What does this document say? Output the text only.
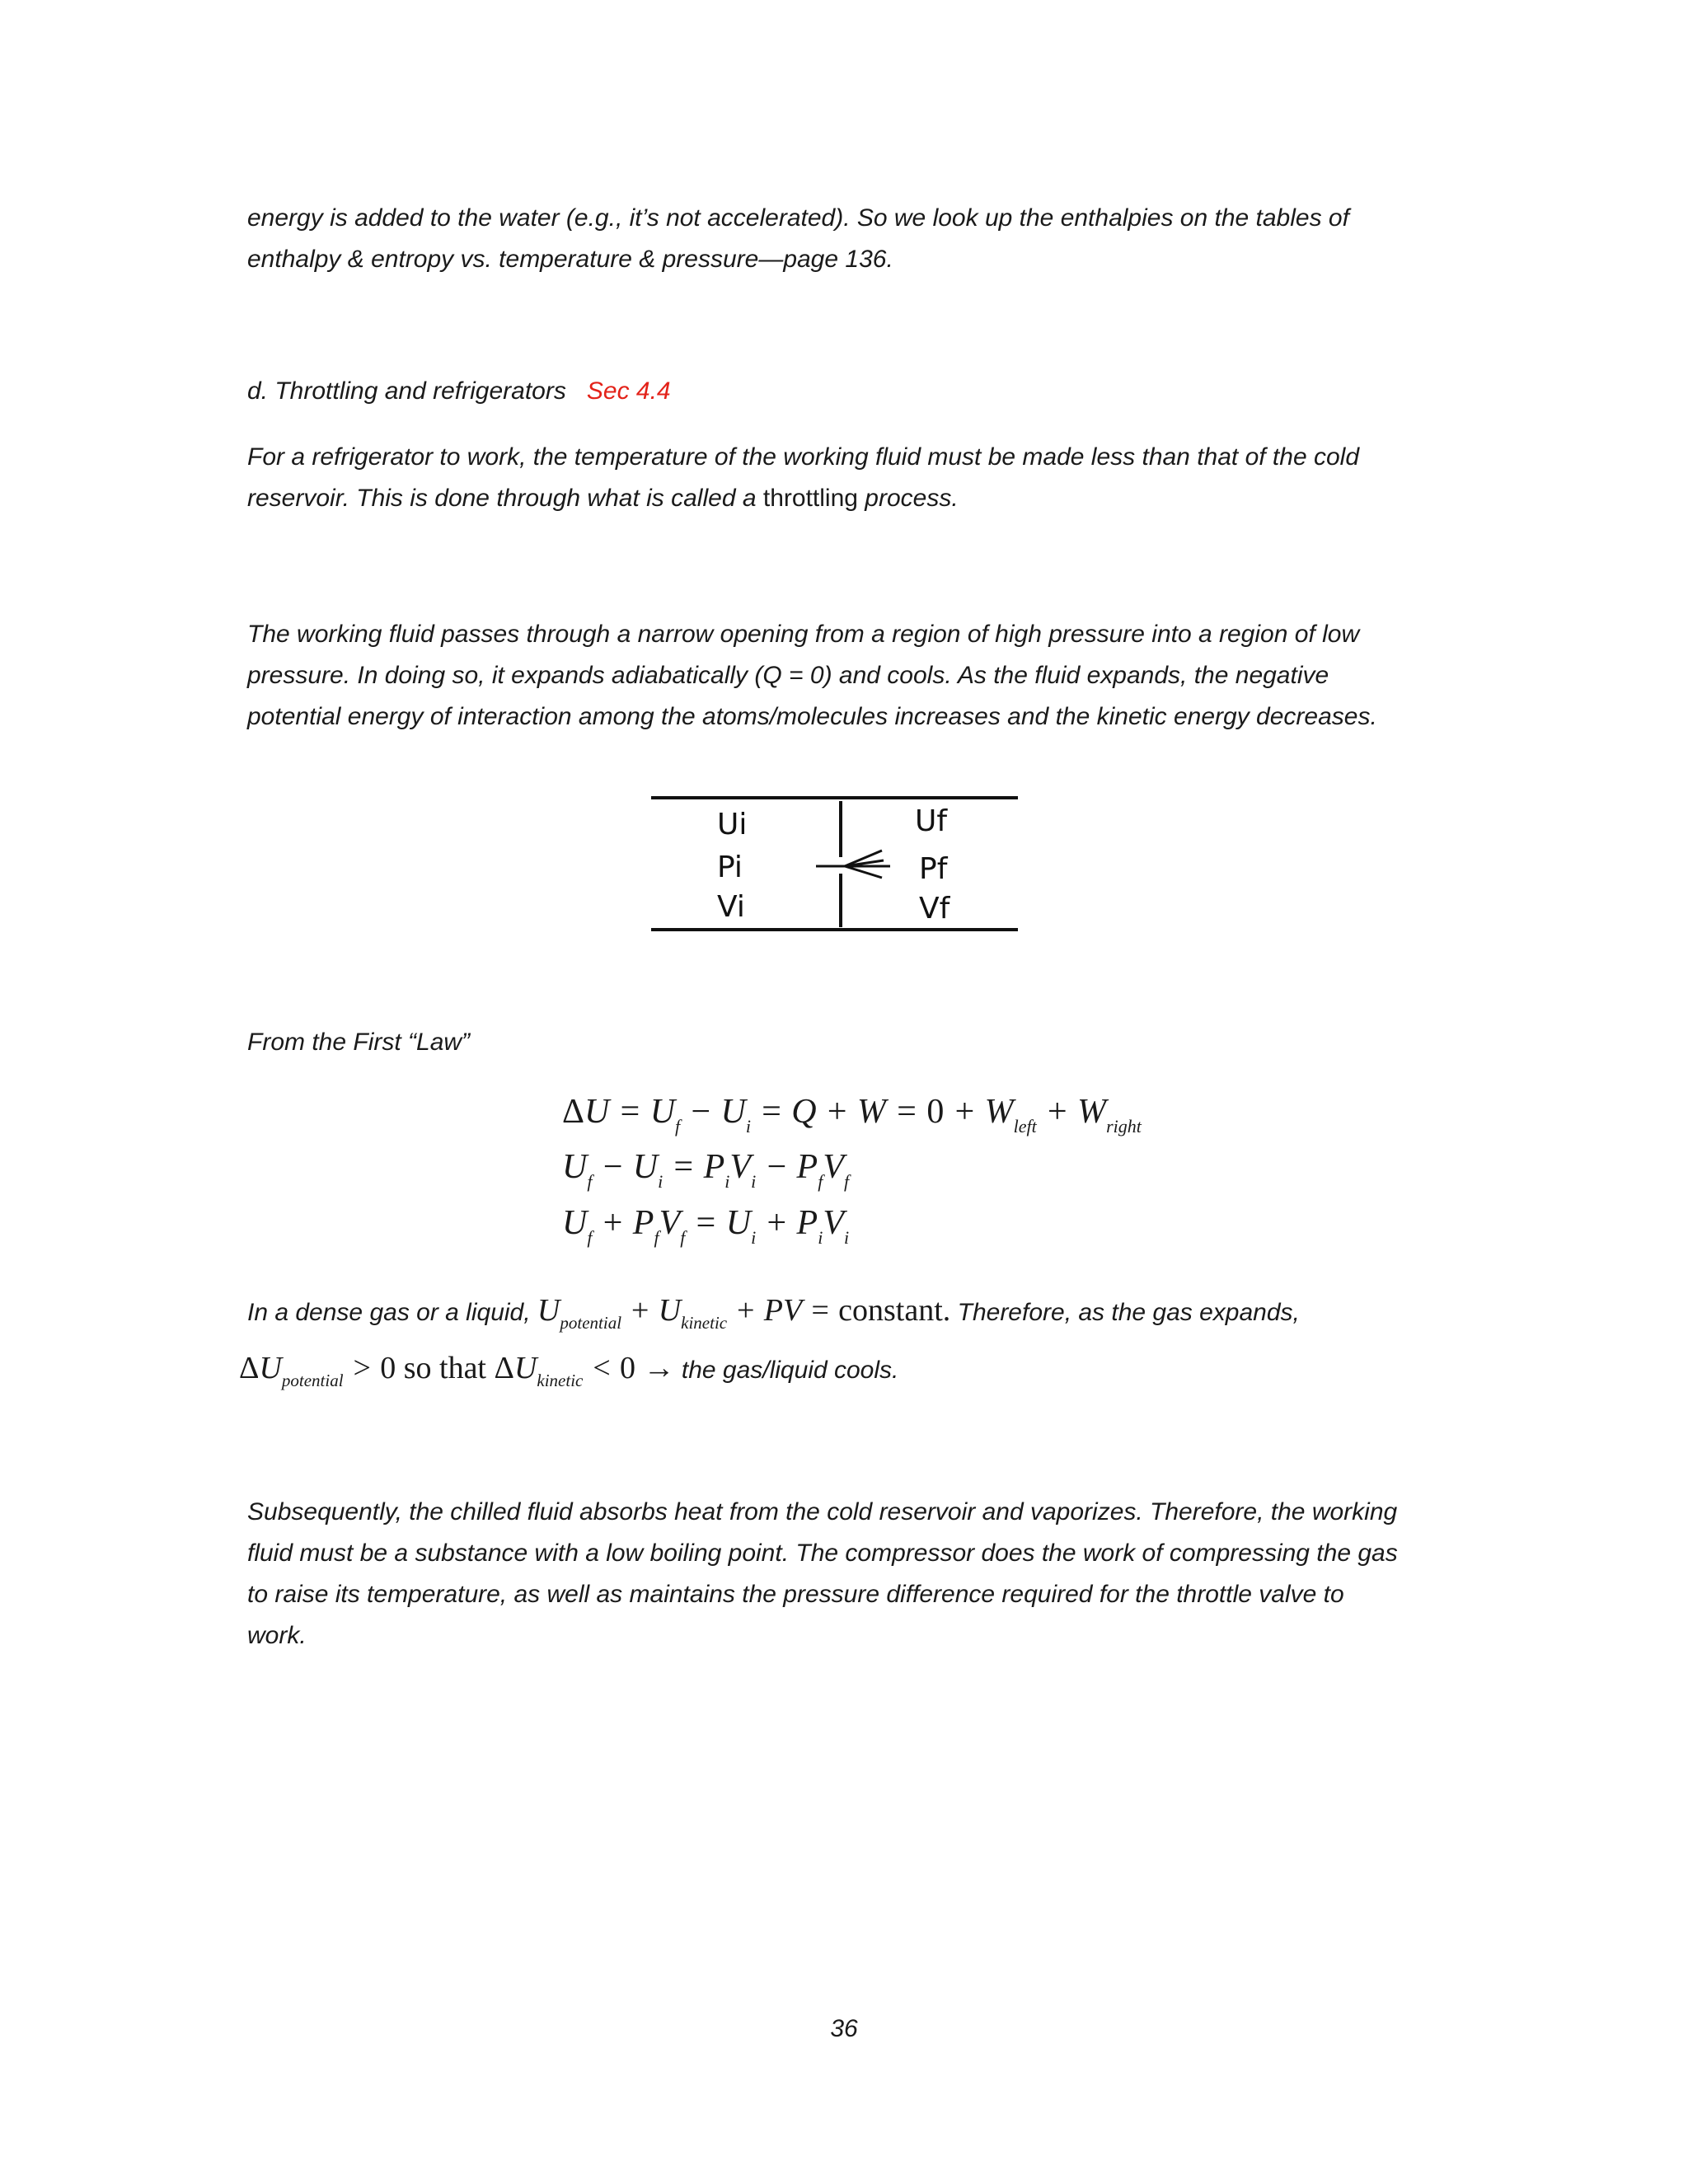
energy is added to the water (e.g., it’s not accelerated). So we look up the enthalpies on the tables of
enthalpy & entropy vs. temperature & pressure—page 136.

d. Throttling and refrigerators Sec 4.4

For a refrigerator to work, the temperature of the working fluid must be made less than that of the cold
reservoir. This is done through what is called a throttling process.

The working fluid passes through a narrow opening from a region of high pressure into a region of low
pressure. In doing so, it expands adiabatically (Q = 0) and cools. As the fluid expands, the negative
potential energy of interaction among the atoms/molecules increases and the kinetic energy decreases.

Ui
Pi
Vi
Uf
Pf
Vf

From the First “Law”

$\Delta U = U_f - U_i = Q + W = 0 + W_{left} + W_{right}$
$U_f - U_i = P_iV_i - P_fV_f$
$U_f + P_fV_f = U_i + P_iV_i$

In a dense gas or a liquid, $U_{potential} + U_{kinetic}$ + PV = constant. Therefore, as the gas expands,

$\Delta U_{potential} > 0$ so that $\Delta U_{kinetic} < 0$ → the gas/liquid cools.

Subsequently, the chilled fluid absorbs heat from the cold reservoir and vaporizes. Therefore, the working
fluid must be a substance with a low boiling point. The compressor does the work of compressing the gas
to raise its temperature, as well as maintains the pressure difference required for the throttle valve to
work.

36
